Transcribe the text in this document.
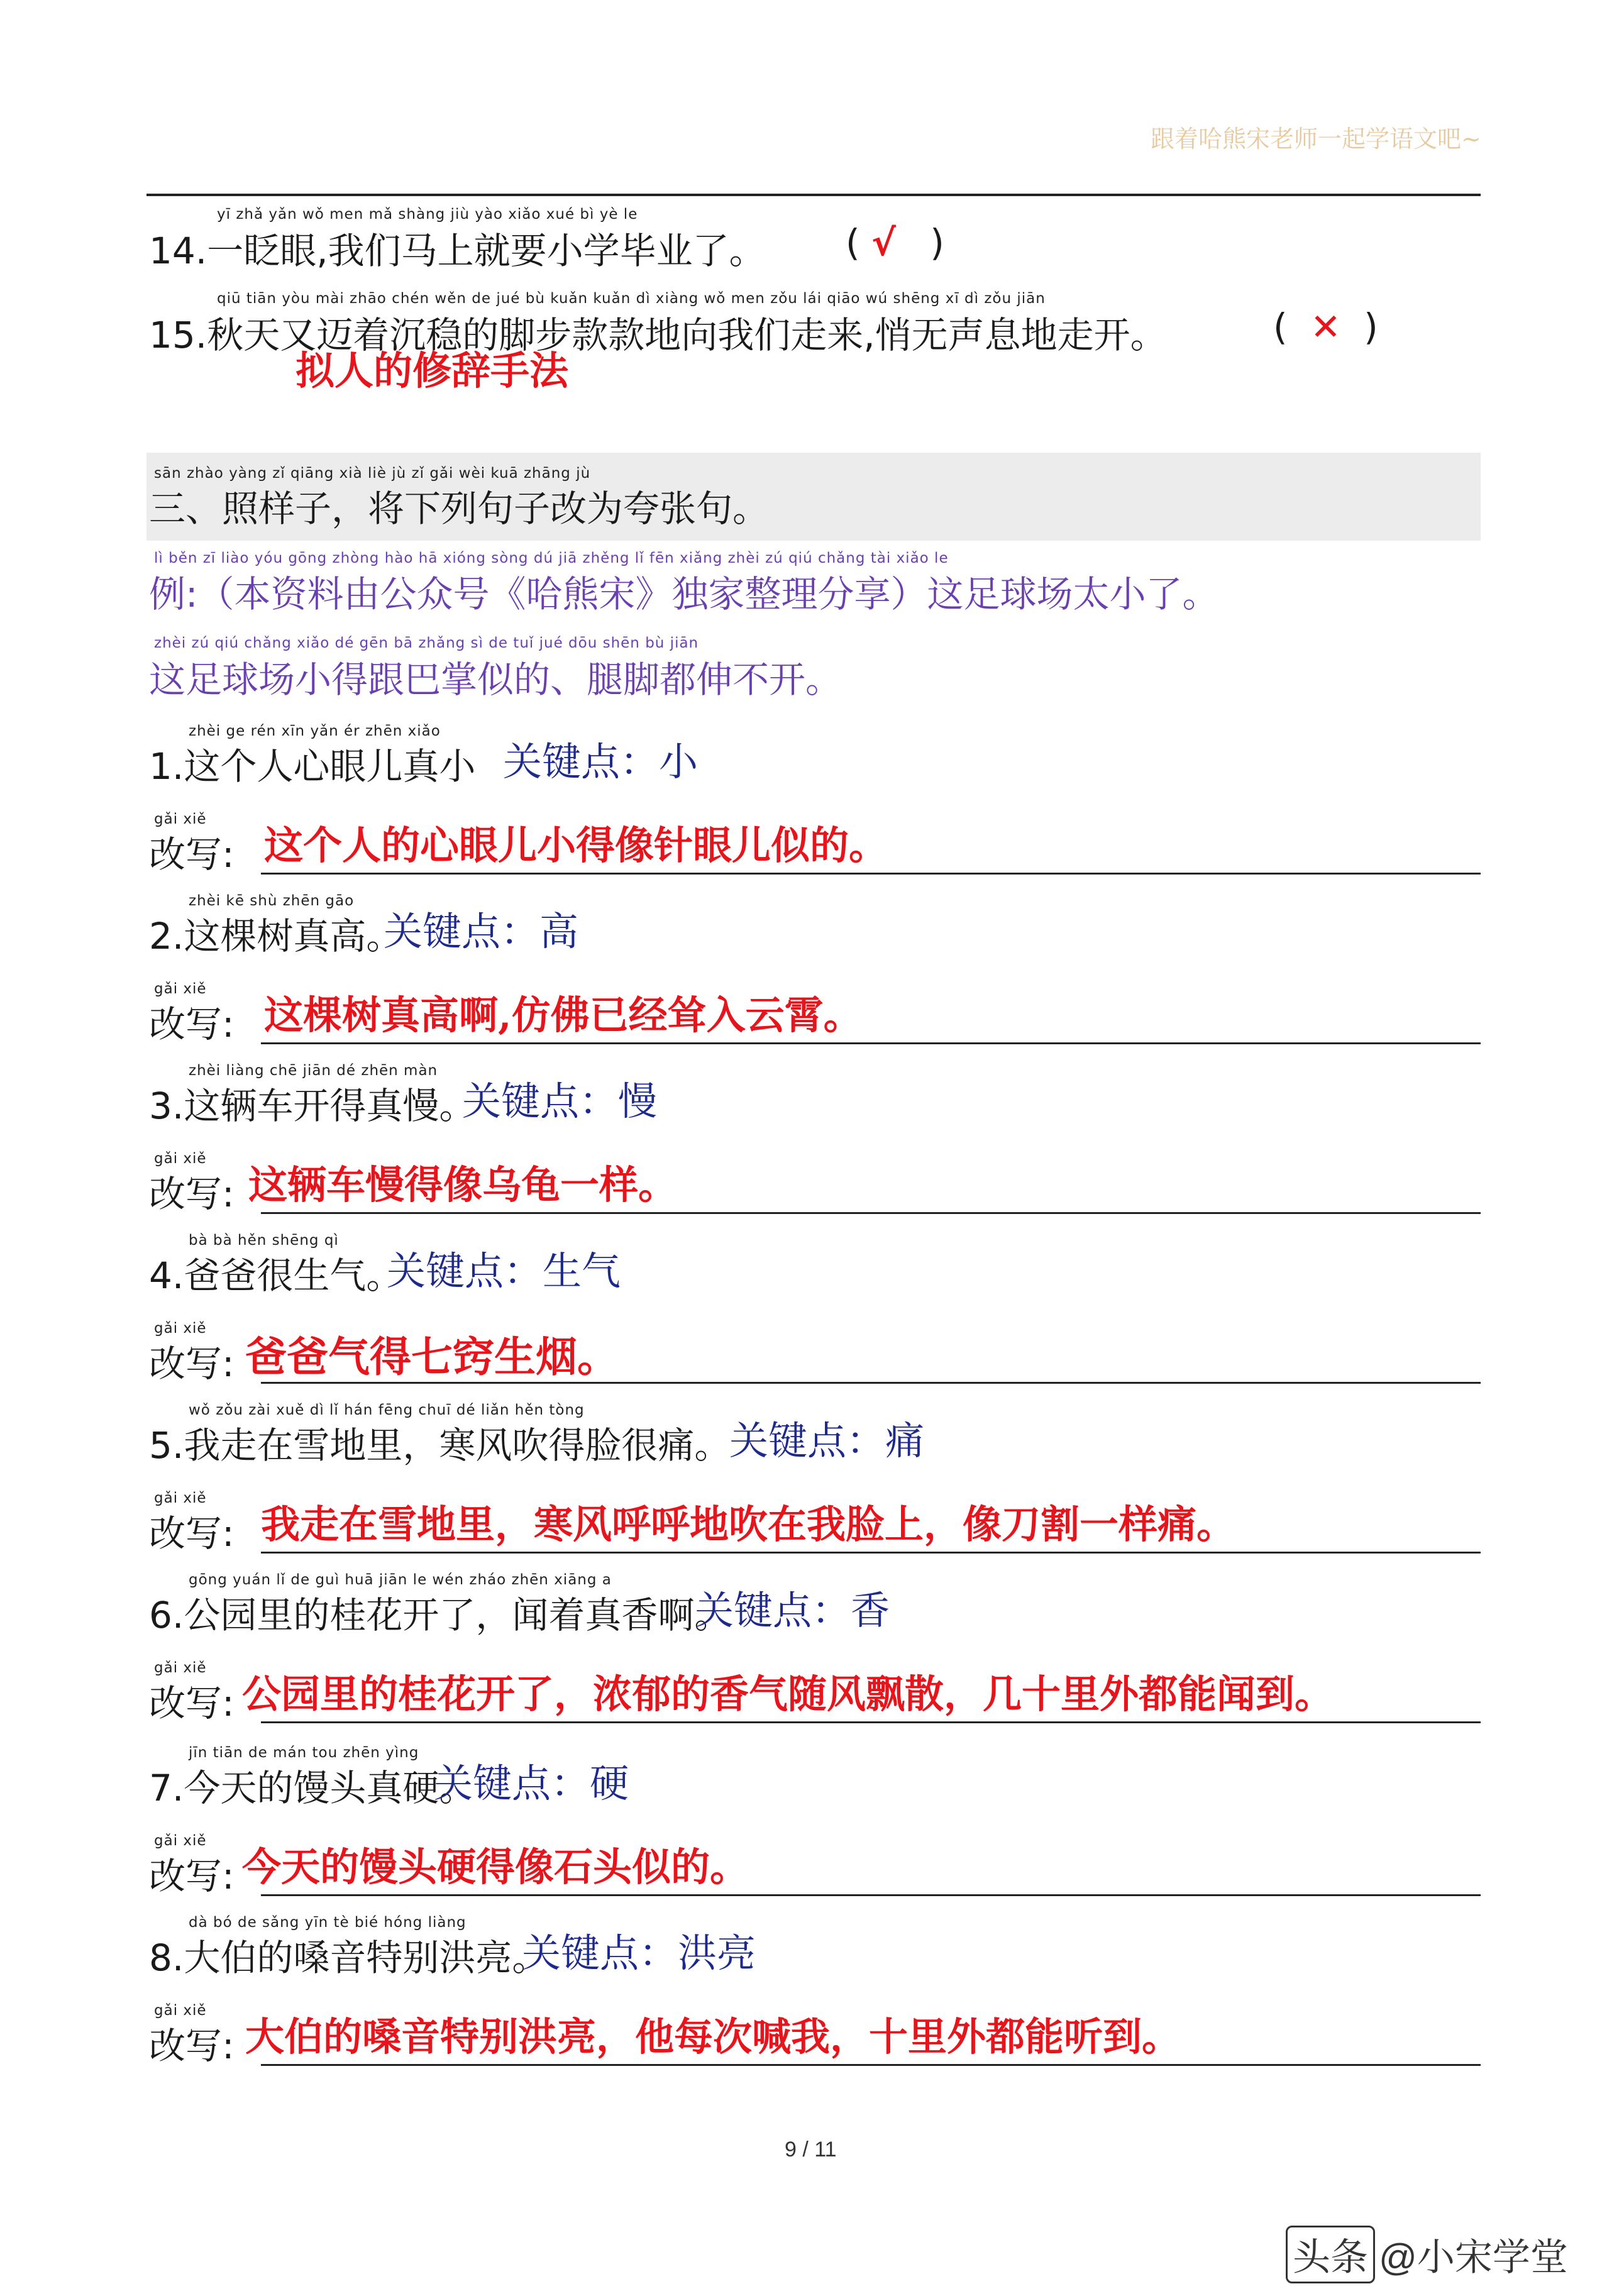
跟着哈熊宋老师一起学语文吧~
yī zhǎ yǎn wǒ men mǎ shàng jiù yào xiǎo xué bì yè le
14.一眨眼,我们马上就要小学毕业了。 ( √ )
qiū tiān yòu mài zhāo chén wěn de jué bù kuǎn kuǎn dì xiàng wǒ men zǒu lái qiāo wú shēng xī dì zǒu jiān
15.秋天又迈着沉稳的脚步款款地向我们走来,悄无声息地走开。	( ✕ )
拟人的修辞手法
sān zhào yàng zǐ qiāng xià liè jù zǐ gǎi wèi kuā zhāng jù
三、照样子，将下列句子改为夸张句。
lì běn zī liào yóu gōng zhòng hào hā xióng sòng dú jiā zhěng lǐ fēn xiǎng zhèi zú qiú chǎng tài xiǎo le
例:（本资料由公众号《哈熊宋》独家整理分享）这足球场太小了。
zhèi zú qiú chǎng xiǎo dé gēn bā zhǎng sì de tuǐ jué dōu shēn bù jiān
这足球场小得跟巴掌似的、腿脚都伸不开。
zhèi ge rén xīn yǎn ér zhēn xiǎo
1.这个人心眼儿真小 关键点：小
gǎi xiě
改写: 这个人的心眼儿小得像针眼儿似的。
zhèi kē shù zhēn gāo
2.这棵树真高。
关键点：高
gǎi xiě
改写: 这棵树真高啊,仿佛已经耸入云霄。
zhèi liàng chē jiān dé zhēn màn
3.这辆车开得真慢。
关键点：慢
gǎi xiě
改写: 这辆车慢得像乌龟一样。
bà bà hěn shēng qì
4.爸爸很生气。
关键点：生气
gǎi xiě
改写: 爸爸气得七窍生烟。
wǒ zǒu zài xuě dì lǐ hán fēng chuī dé liǎn hěn tòng
5.我走在雪地里，寒风吹得脸很痛。
关键点：痛
gǎi xiě
改写: 我走在雪地里，寒风呼呼地吹在我脸上，像刀割一样痛。
gōng yuán lǐ de guì huā jiān le wén zháo zhēn xiāng a
6.公园里的桂花开了，闻着真香啊。
关键点：香
gǎi xiě
改写: 公园里的桂花开了，浓郁的香气随风飘散，几十里外都能闻到。
jīn tiān de mán tou zhēn yìng
7.今天的馒头真硬。
关键点：硬
gǎi xiě
改写: 今天的馒头硬得像石头似的。
dà bó de sǎng yīn tè bié hóng liàng
8.大伯的嗓音特别洪亮。
关键点：洪亮
gǎi xiě
改写: 大伯的嗓音特别洪亮，他每次喊我，十里外都能听到。
9 / 11
头条 @小宋学堂
